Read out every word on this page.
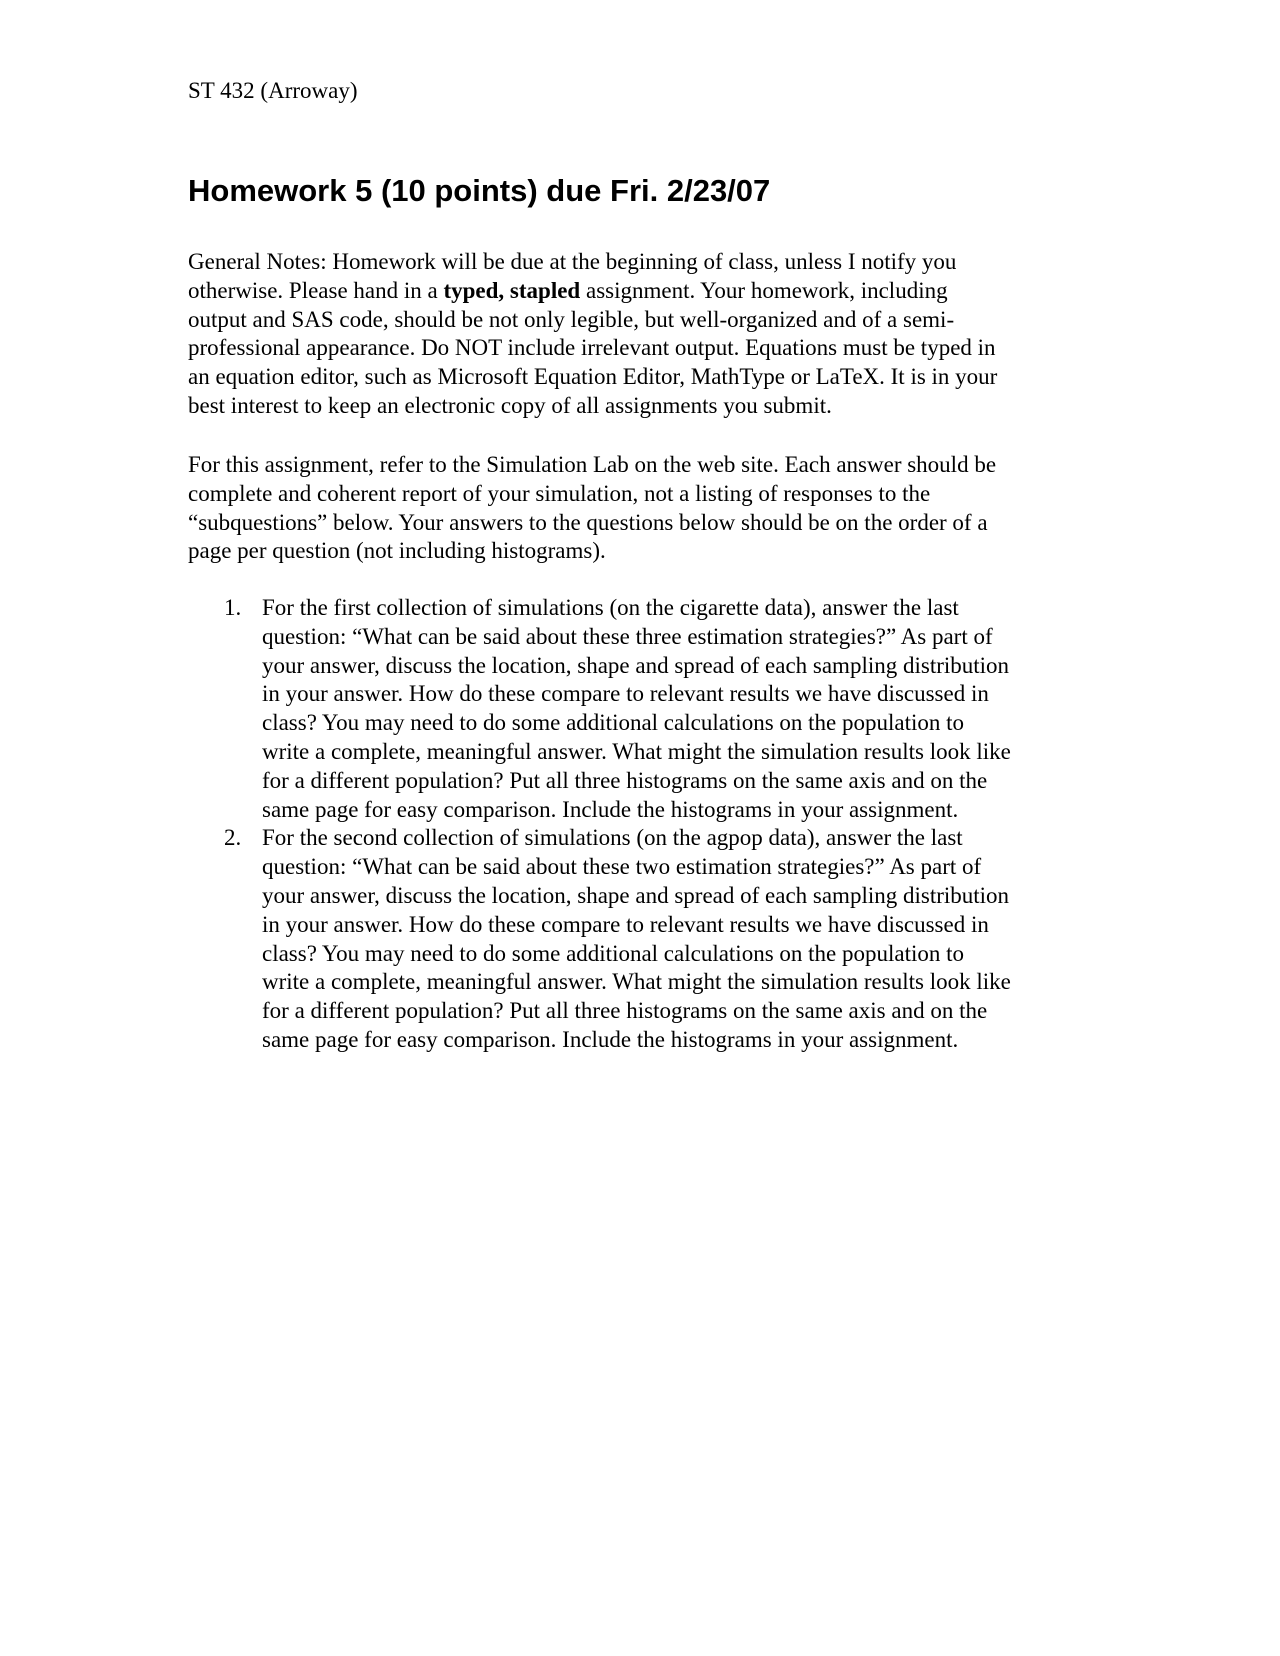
ST 432 (Arroway)
Homework 5 (10 points) due Fri. 2/23/07

General Notes: Homework will be due at the beginning of class, unless I notify you
otherwise. Please hand in a typed, stapled assignment. Your homework, including
output and SAS code, should be not only legible, but well-organized and of a semi-
professional appearance. Do NOT include irrelevant output. Equations must be typed in
an equation editor, such as Microsoft Equation Editor, MathType or LaTeX. It is in your
best interest to keep an electronic copy of all assignments you submit.

For this assignment, refer to the Simulation Lab on the web site. Each answer should be
complete and coherent report of your simulation, not a listing of responses to the
“subquestions” below. Your answers to the questions below should be on the order of a
page per question (not including histograms).

1. For the first collection of simulations (on the cigarette data), answer the last
question: “What can be said about these three estimation strategies?” As part of
your answer, discuss the location, shape and spread of each sampling distribution
in your answer. How do these compare to relevant results we have discussed in
class? You may need to do some additional calculations on the population to
write a complete, meaningful answer. What might the simulation results look like
for a different population? Put all three histograms on the same axis and on the
same page for easy comparison. Include the histograms in your assignment.
2. For the second collection of simulations (on the agpop data), answer the last
question: “What can be said about these two estimation strategies?” As part of
your answer, discuss the location, shape and spread of each sampling distribution
in your answer. How do these compare to relevant results we have discussed in
class? You may need to do some additional calculations on the population to
write a complete, meaningful answer. What might the simulation results look like
for a different population? Put all three histograms on the same axis and on the
same page for easy comparison. Include the histograms in your assignment.
